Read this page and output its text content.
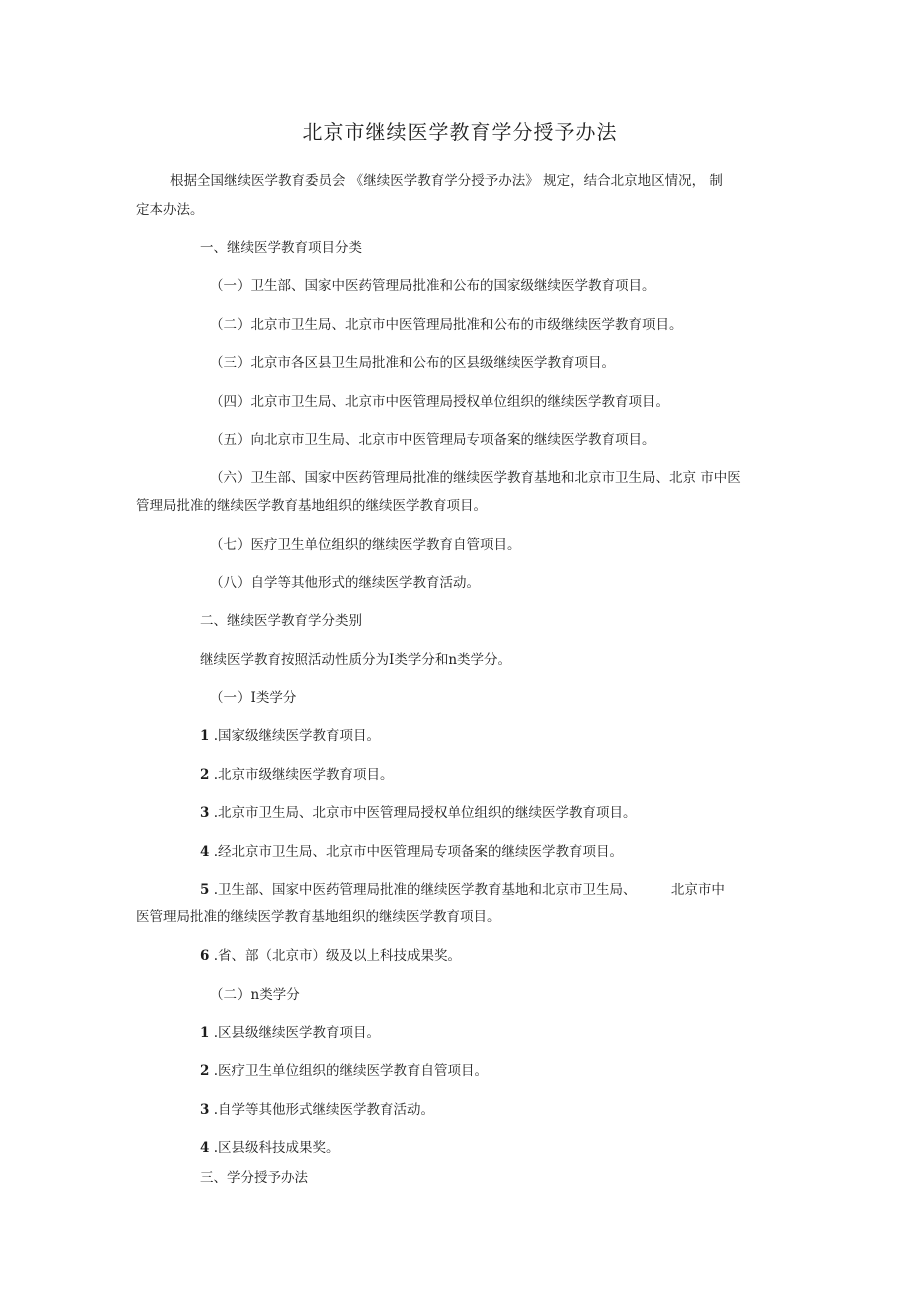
北京市继续医学教育学分授予办法
根据全国继续医学教育委员会 《继续医学教育学分授予办法》 规定，结合北京地区情况， 制
定本办法。
一、继续医学教育项目分类
（一）卫生部、国家中医药管理局批准和公布的国家级继续医学教育项目。
（二）北京市卫生局、北京市中医管理局批准和公布的市级继续医学教育项目。
（三）北京市各区县卫生局批准和公布的区县级继续医学教育项目。
（四）北京市卫生局、北京市中医管理局授权单位组织的继续医学教育项目。
（五）向北京市卫生局、北京市中医管理局专项备案的继续医学教育项目。
（六）卫生部、国家中医药管理局批准的继续医学教育基地和北京市卫生局、北京 市中医
管理局批准的继续医学教育基地组织的继续医学教育项目。
（七）医疗卫生单位组织的继续医学教育自管项目。
（八）自学等其他形式的继续医学教育活动。
二、继续医学教育学分类别
继续医学教育按照活动性质分为I类学分和n类学分。
（一）I类学分
1 .国家级继续医学教育项目。
2 .北京市级继续医学教育项目。
3 .北京市卫生局、北京市中医管理局授权单位组织的继续医学教育项目。
4 .经北京市卫生局、北京市中医管理局专项备案的继续医学教育项目。
5 .卫生部、国家中医药管理局批准的继续医学教育基地和北京市卫生局、        北京市中
医管理局批准的继续医学教育基地组织的继续医学教育项目。
6 .省、部（北京市）级及以上科技成果奖。
（二）n类学分
1 .区县级继续医学教育项目。
2 .医疗卫生单位组织的继续医学教育自管项目。
3 .自学等其他形式继续医学教育活动。
4 .区县级科技成果奖。
三、学分授予办法
